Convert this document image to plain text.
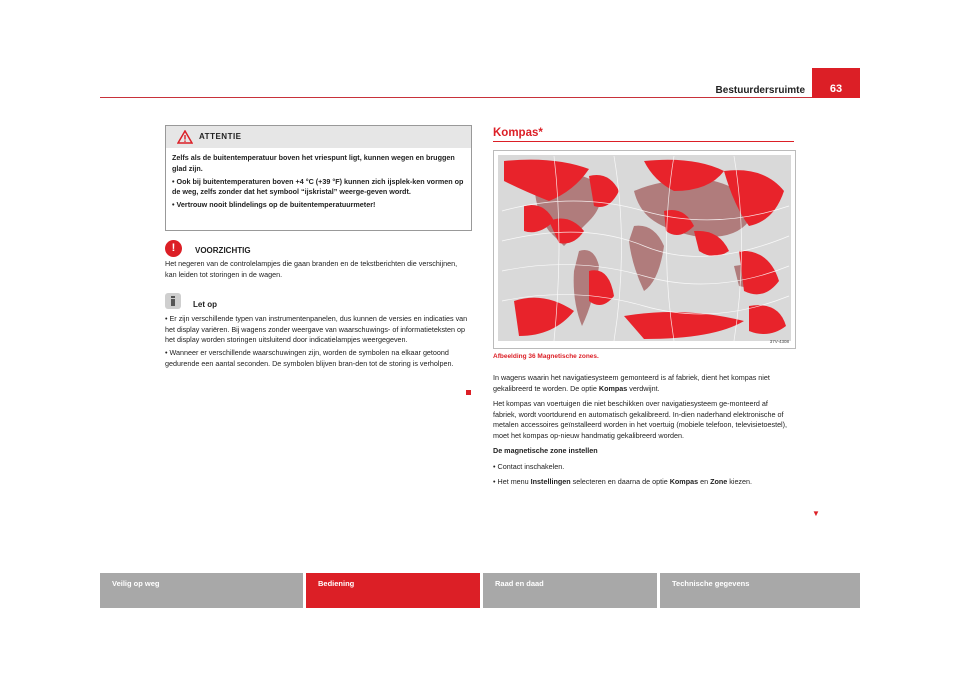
Bestuurdersruimte	63
ATTENTIE

Zelfs als de buitentemperatuur boven het vriespunt ligt, kunnen wegen en bruggen glad zijn.

• Ook bij buitentemperaturen boven +4 °C (+39 °F) kunnen zich ijsplek-ken vormen op de weg, zelfs zonder dat het symbool “ijskristal” weerge-geven wordt.

• Vertrouw nooit blindelings op de buitentemperatuurmeter!

!	VOORZICHTIG

Het negeren van de controlelampjes die gaan branden en de tekstberichten die verschijnen, kan leiden tot storingen in de wagen.

Let op

• Er zijn verschillende typen van instrumentenpanelen, dus kunnen de versies en indicaties van het display variëren. Bij wagens zonder weergave van waarschuwings- of informatieteksten op het display worden storingen uitsluitend door indicatielampjes weergegeven.

• Wanneer er verschillende waarschuwingen zijn, worden de symbolen na elkaar getoond gedurende een aantal seconden. De symbolen blijven bran-den tot de storing is verholpen.

Kompas*
37V-4308
Afbeelding 36 Magnetische zones.

In wagens waarin het navigatiesysteem gemonteerd is af fabriek, dient het kompas niet gekalibreerd te worden. De optie Kompas verdwijnt.

Het kompas van voertuigen die niet beschikken over navigatiesysteem ge-monteerd af fabriek, wordt voortdurend en automatisch gekalibreerd. In-dien naderhand elektronische of metalen accessoires geïnstalleerd worden in het voertuig (mobiele telefoon, televisietoestel), moet het kompas op-nieuw handmatig gekalibreerd worden.

De magnetische zone instellen

• Contact inschakelen.

• Het menu Instellingen selecteren en daarna de optie Kompas en Zone kiezen.

▼
Veilig op weg	Bediening	Raad en daad	Technische gegevens
